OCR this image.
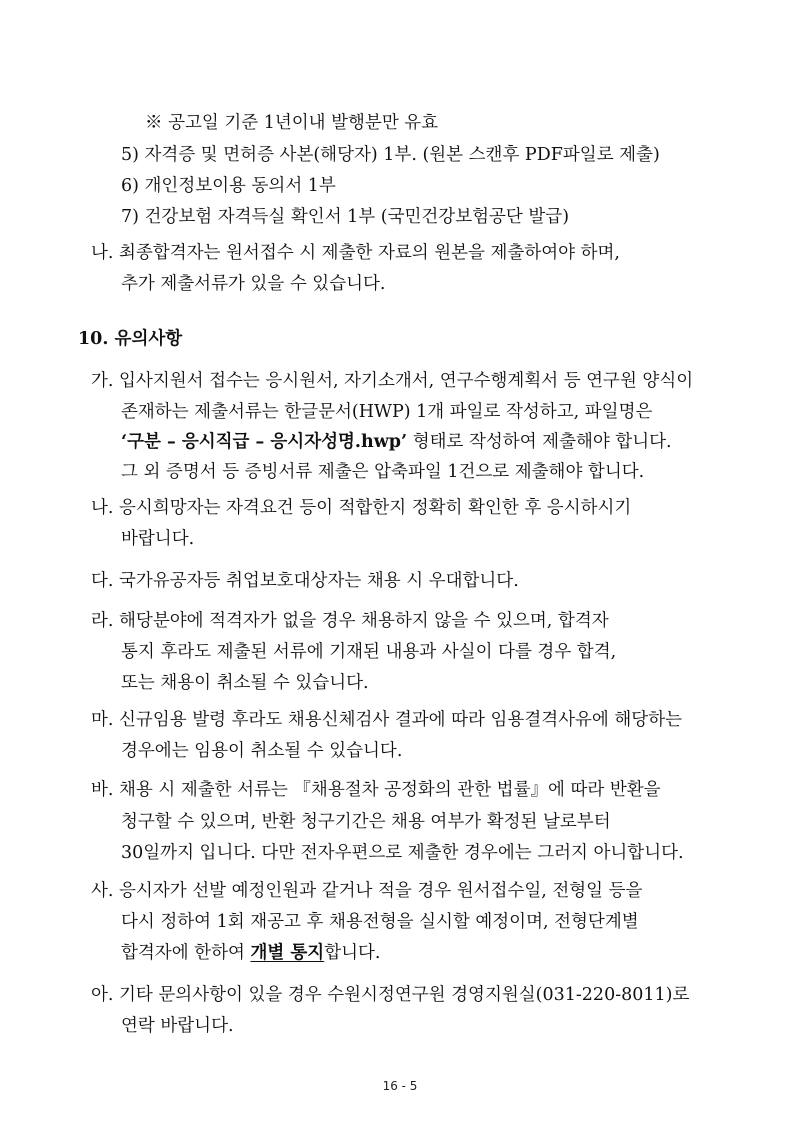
※ 공고일 기준 1년이내 발행분만 유효
5) 자격증 및 면허증 사본(해당자) 1부. (원본 스캔후 PDF파일로 제출)
6) 개인정보이용 동의서 1부
7) 건강보험 자격득실 확인서 1부 (국민건강보험공단 발급)
나. 최종합격자는 원서접수 시 제출한 자료의 원본을 제출하여야 하며,
추가 제출서류가 있을 수 있습니다.
10. 유의사항
가. 입사지원서 접수는 응시원서, 자기소개서, 연구수행계획서 등 연구원 양식이
존재하는 제출서류는 한글문서(HWP) 1개 파일로 작성하고, 파일명은
‘구분 – 응시직급 – 응시자성명.hwp’ 형태로 작성하여 제출해야 합니다.
그 외 증명서 등 증빙서류 제출은 압축파일 1건으로 제출해야 합니다.
나. 응시희망자는 자격요건 등이 적합한지 정확히 확인한 후 응시하시기
바랍니다.
다. 국가유공자등 취업보호대상자는 채용 시 우대합니다.
라. 해당분야에 적격자가 없을 경우 채용하지 않을 수 있으며, 합격자
통지 후라도 제출된 서류에 기재된 내용과 사실이 다를 경우 합격,
또는 채용이 취소될 수 있습니다.
마. 신규임용 발령 후라도 채용신체검사 결과에 따라 임용결격사유에 해당하는
경우에는 임용이 취소될 수 있습니다.
바. 채용 시 제출한 서류는 『채용절차 공정화의 관한 법률』에 따라 반환을
청구할 수 있으며, 반환 청구기간은 채용 여부가 확정된 날로부터
30일까지 입니다. 다만 전자우편으로 제출한 경우에는 그러지 아니합니다.
사. 응시자가 선발 예정인원과 같거나 적을 경우 원서접수일, 전형일 등을
다시 정하여 1회 재공고 후 채용전형을 실시할 예정이며, 전형단계별
합격자에 한하여 개별 통지합니다.
아. 기타 문의사항이 있을 경우 수원시정연구원 경영지원실(031-220-8011)로
연락 바랍니다.
16 - 5
